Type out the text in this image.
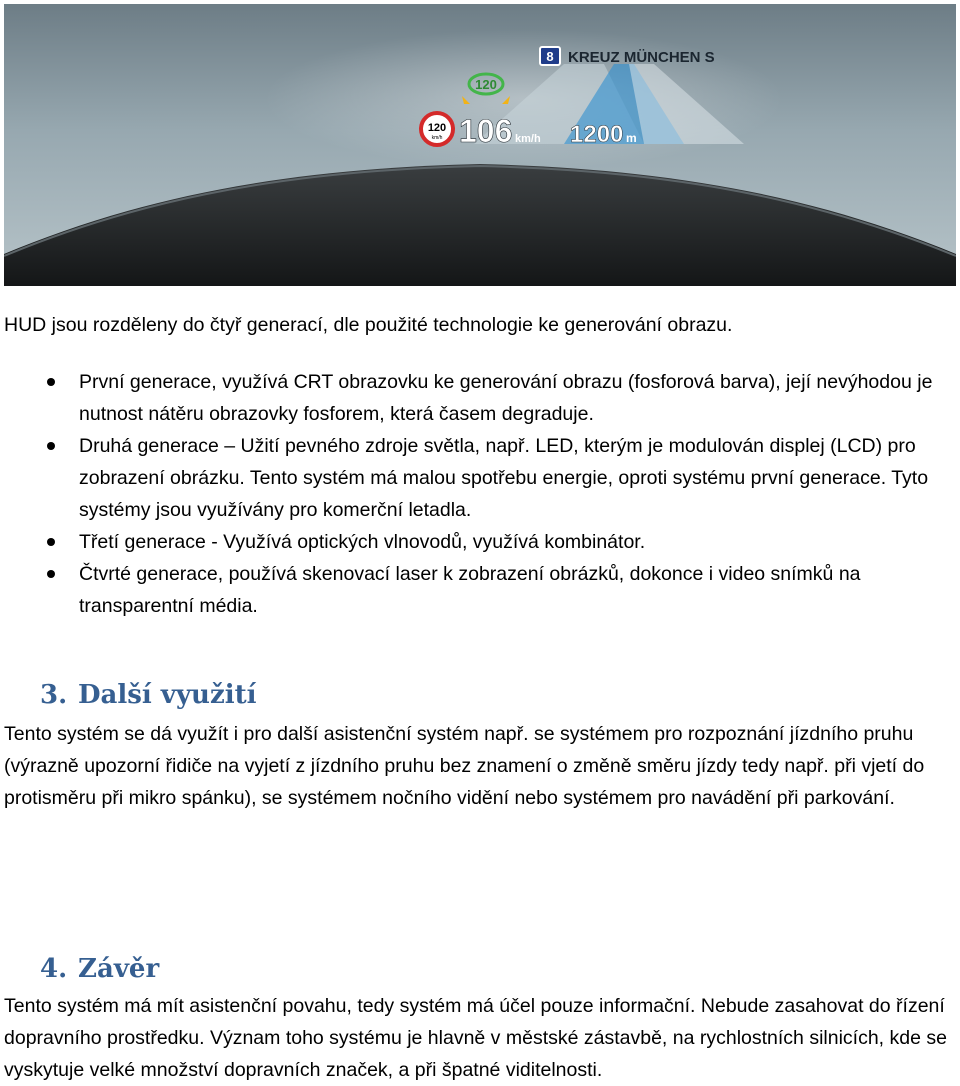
8 KREUZ MÜNCHEN S
120
120
km/h 106 km/h 1200 m
HUD jsou rozděleny do čtyř generací, dle použité technologie ke generování obrazu.
První generace, využívá CRT obrazovku ke generování obrazu (fosforová barva), její nevýhodou je nutnost nátěru obrazovky fosforem, která časem degraduje.
Druhá generace – Užití pevného zdroje světla, např. LED, kterým je modulován displej (LCD) pro zobrazení obrázku. Tento systém má malou spotřebu energie, oproti systému první generace. Tyto systémy jsou využívány pro komerční letadla.
Třetí generace - Využívá optických vlnovodů, využívá kombinátor.
Čtvrté generace, používá skenovací laser k zobrazení obrázků, dokonce i video snímků na transparentní média.
3. Další využití
Tento systém se dá využít i pro další asistenční systém např. se systémem pro rozpoznání jízdního pruhu (výrazně upozorní řidiče na vyjetí z jízdního pruhu bez znamení o změně směru jízdy tedy např. při vjetí do protisměru při mikro spánku), se systémem nočního vidění nebo systémem pro navádění při parkování.
4. Závěr
Tento systém má mít asistenční povahu, tedy systém má účel pouze informační. Nebude zasahovat do řízení dopravního prostředku. Význam toho systému je hlavně v městské zástavbě, na rychlostních silnicích, kde se vyskytuje velké množství dopravních značek, a při špatné viditelnosti.
